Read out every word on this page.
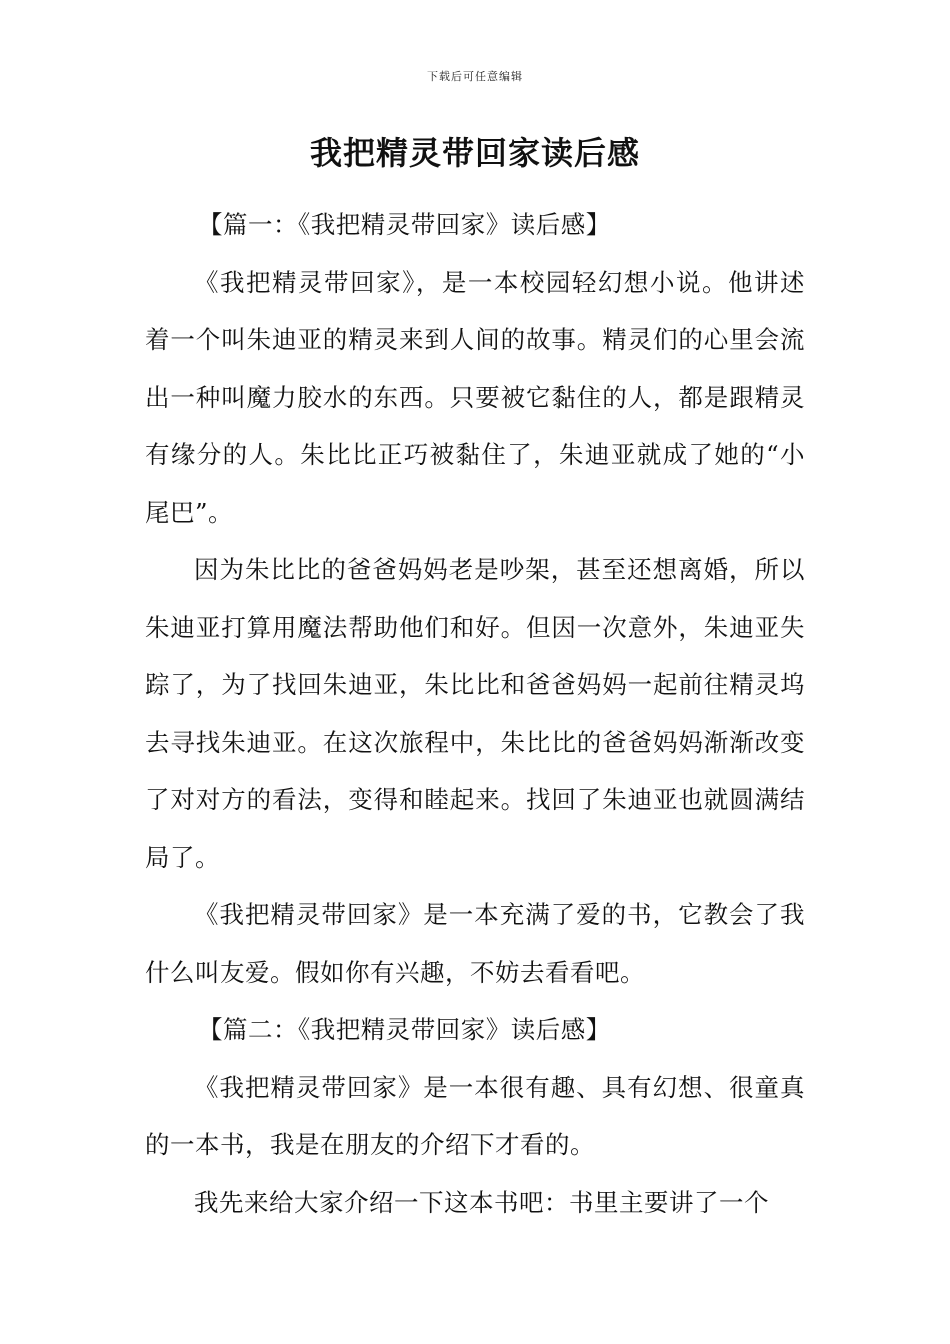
下载后可任意编辑
我把精灵带回家读后感
【篇一：《我把精灵带回家》读后感】

《我把精灵带回家》，是一本校园轻幻想小说。他讲述着一个叫朱迪亚的精灵来到人间的故事。精灵们的心里会流出一种叫魔力胶水的东西。只要被它黏住的人，都是跟精灵有缘分的人。朱比比正巧被黏住了，朱迪亚就成了她的“小尾巴”。

因为朱比比的爸爸妈妈老是吵架，甚至还想离婚，所以朱迪亚打算用魔法帮助他们和好。但因一次意外，朱迪亚失踪了，为了找回朱迪亚，朱比比和爸爸妈妈一起前往精灵坞去寻找朱迪亚。在这次旅程中，朱比比的爸爸妈妈渐渐改变了对对方的看法，变得和睦起来。找回了朱迪亚也就圆满结局了。

《我把精灵带回家》是一本充满了爱的书，它教会了我什么叫友爱。假如你有兴趣，不妨去看看吧。

【篇二：《我把精灵带回家》读后感】

《我把精灵带回家》是一本很有趣、具有幻想、很童真的一本书，我是在朋友的介绍下才看的。

我先来给大家介绍一下这本书吧：书里主要讲了一个
